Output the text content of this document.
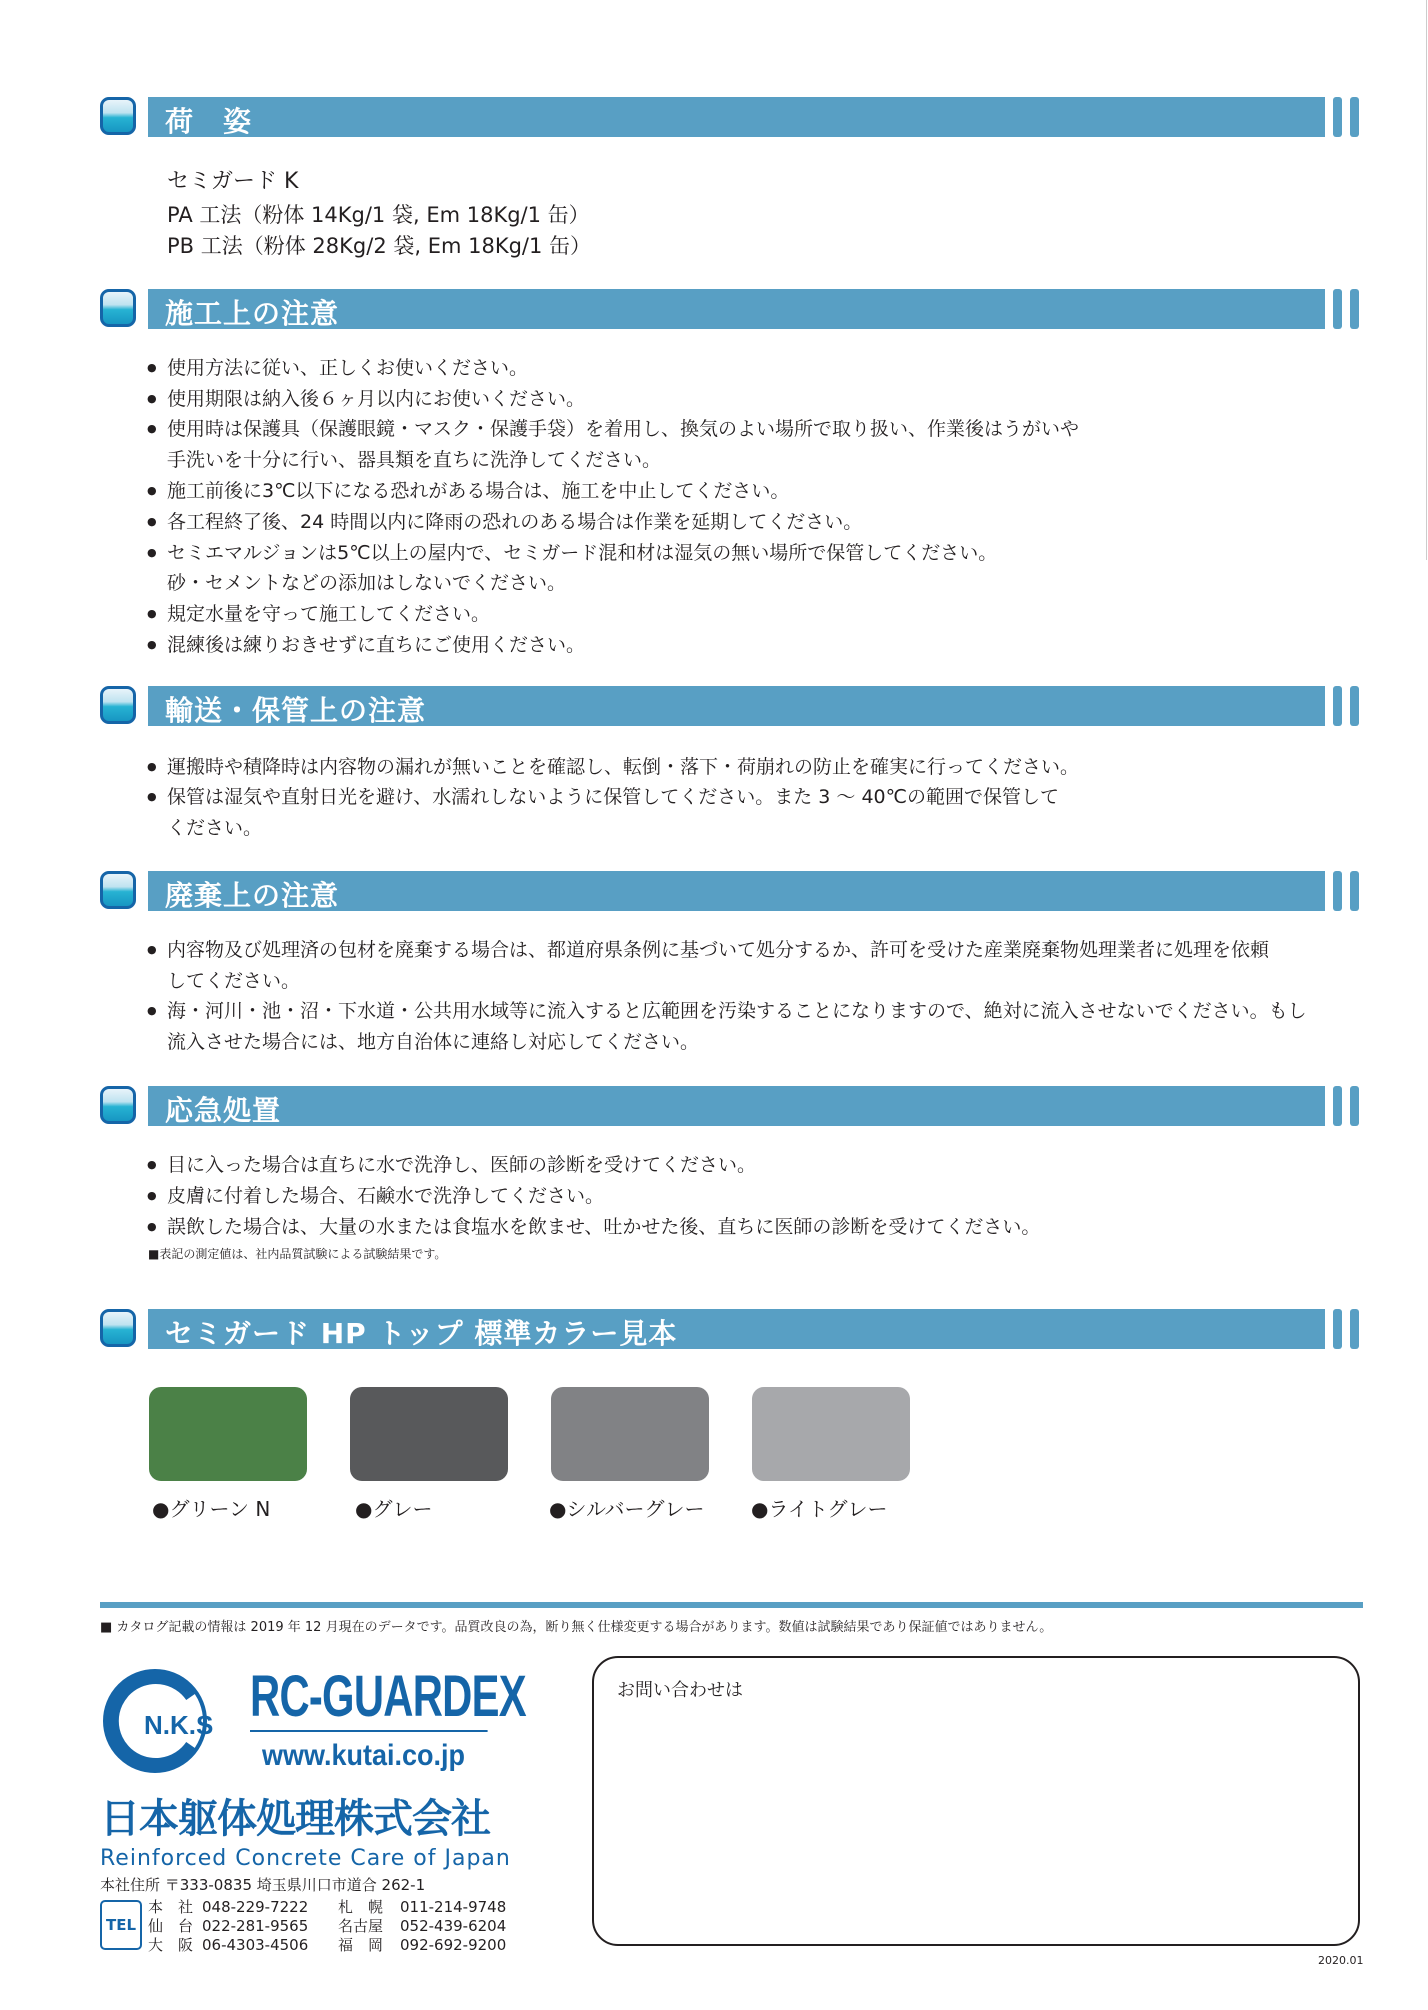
荷　姿
セミガード K
PA 工法（粉体 14Kg/1 袋, Em 18Kg/1 缶）
PB 工法（粉体 28Kg/2 袋, Em 18Kg/1 缶）
施工上の注意
● 使用方法に従い、正しくお使いください。
● 使用期限は納入後６ヶ月以内にお使いください。
● 使用時は保護具（保護眼鏡・マスク・保護手袋）を着用し、換気のよい場所で取り扱い、作業後はうがいや
手洗いを十分に行い、器具類を直ちに洗浄してください。
● 施工前後に3℃以下になる恐れがある場合は、施工を中止してください。
● 各工程終了後、24 時間以内に降雨の恐れのある場合は作業を延期してください。
● セミエマルジョンは5℃以上の屋内で、セミガード混和材は湿気の無い場所で保管してください。
砂・セメントなどの添加はしないでください。
● 規定水量を守って施工してください。
● 混練後は練りおきせずに直ちにご使用ください。
輸送・保管上の注意
● 運搬時や積降時は内容物の漏れが無いことを確認し、転倒・落下・荷崩れの防止を確実に行ってください。
● 保管は湿気や直射日光を避け、水濡れしないように保管してください。また 3 ～ 40℃の範囲で保管して
ください。
廃棄上の注意
● 内容物及び処理済の包材を廃棄する場合は、都道府県条例に基づいて処分するか、許可を受けた産業廃棄物処理業者に処理を依頼
してください。
● 海・河川・池・沼・下水道・公共用水域等に流入すると広範囲を汚染することになりますので、絶対に流入させないでください。もし
流入させた場合には、地方自治体に連絡し対応してください。
応急処置
● 目に入った場合は直ちに水で洗浄し、医師の診断を受けてください。
● 皮膚に付着した場合、石鹸水で洗浄してください。
● 誤飲した場合は、大量の水または食塩水を飲ませ、吐かせた後、直ちに医師の診断を受けてください。
■表記の測定値は、社内品質試験による試験結果です。
セミガード HP トップ 標準カラー見本
●グリーン N	●グレー	●シルバーグレー ●ライトグレー
■ カタログ記載の情報は 2019 年 12 月現在のデータです。品質改良の為，断り無く仕様変更する場合があります。数値は試験結果であり保証値ではありません。
N.K.S RC-GUARDEX
www.kutai.co.jp
日本躯体処理株式会社
Reinforced Concrete Care of Japan
本社住所 〒333-0835 埼玉県川口市道合 262-1
TEL
本　社 048-229-7222 札　幌 011-214-9748
仙　台 022-281-9565 名古屋 052-439-6204
大　阪 06-4303-4506 福　岡 092-692-9200
お問い合わせは
2020.01
